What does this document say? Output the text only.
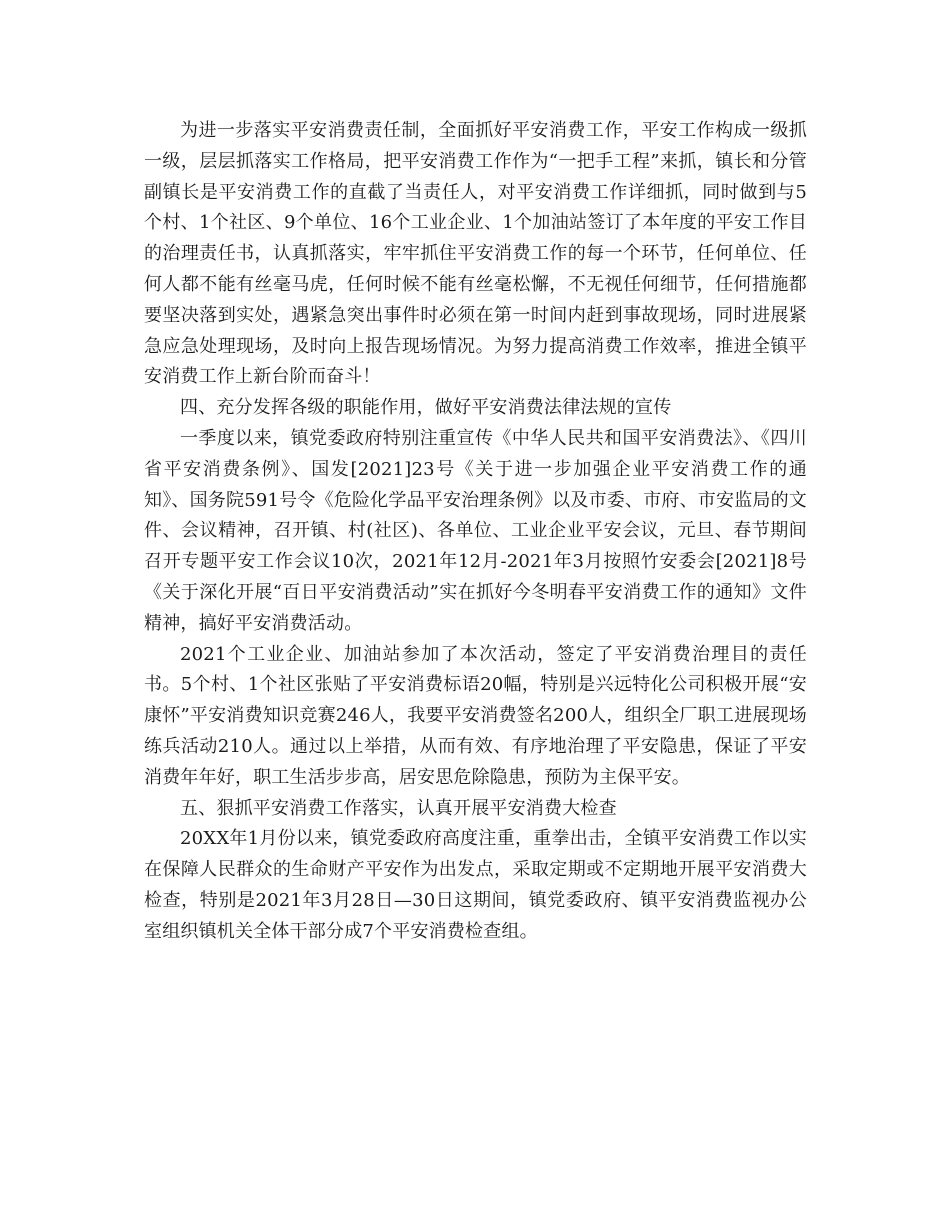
为进一步落实平安消费责任制，全面抓好平安消费工作，平安工作构成一级抓一级，层层抓落实工作格局，把平安消费工作作为“一把手工程”来抓，镇长和分管副镇长是平安消费工作的直截了当责任人，对平安消费工作详细抓，同时做到与5个村、1个社区、9个单位、16个工业企业、1个加油站签订了本年度的平安工作目的治理责任书，认真抓落实，牢牢抓住平安消费工作的每一个环节，任何单位、任何人都不能有丝毫马虎，任何时候不能有丝毫松懈，不无视任何细节，任何措施都要坚决落到实处，遇紧急突出事件时必须在第一时间内赶到事故现场，同时进展紧急应急处理现场，及时向上报告现场情况。为努力提高消费工作效率，推进全镇平安消费工作上新台阶而奋斗！

四、充分发挥各级的职能作用，做好平安消费法律法规的宣传

一季度以来，镇党委政府特别注重宣传《中华人民共和国平安消费法》、《四川省平安消费条例》、国发[2021]23号《关于进一步加强企业平安消费工作的通知》、国务院591号令《危险化学品平安治理条例》以及市委、市府、市安监局的文件、会议精神，召开镇、村(社区)、各单位、工业企业平安会议，元旦、春节期间召开专题平安工作会议10次，2021年12月-2021年3月按照竹安委会[2021]8号《关于深化开展“百日平安消费活动”实在抓好今冬明春平安消费工作的通知》文件精神，搞好平安消费活动。

2021个工业企业、加油站参加了本次活动，签定了平安消费治理目的责任书。5个村、1个社区张贴了平安消费标语20幅，特别是兴远特化公司积极开展“安康怀”平安消费知识竞赛246人，我要平安消费签名200人，组织全厂职工进展现场练兵活动210人。通过以上举措，从而有效、有序地治理了平安隐患，保证了平安消费年年好，职工生活步步高，居安思危除隐患，预防为主保平安。

五、狠抓平安消费工作落实，认真开展平安消费大检查

20XX年1月份以来，镇党委政府高度注重，重拳出击，全镇平安消费工作以实在保障人民群众的生命财产平安作为出发点，采取定期或不定期地开展平安消费大检查，特别是2021年3月28日—30日这期间，镇党委政府、镇平安消费监视办公室组织镇机关全体干部分成7个平安消费检查组。
